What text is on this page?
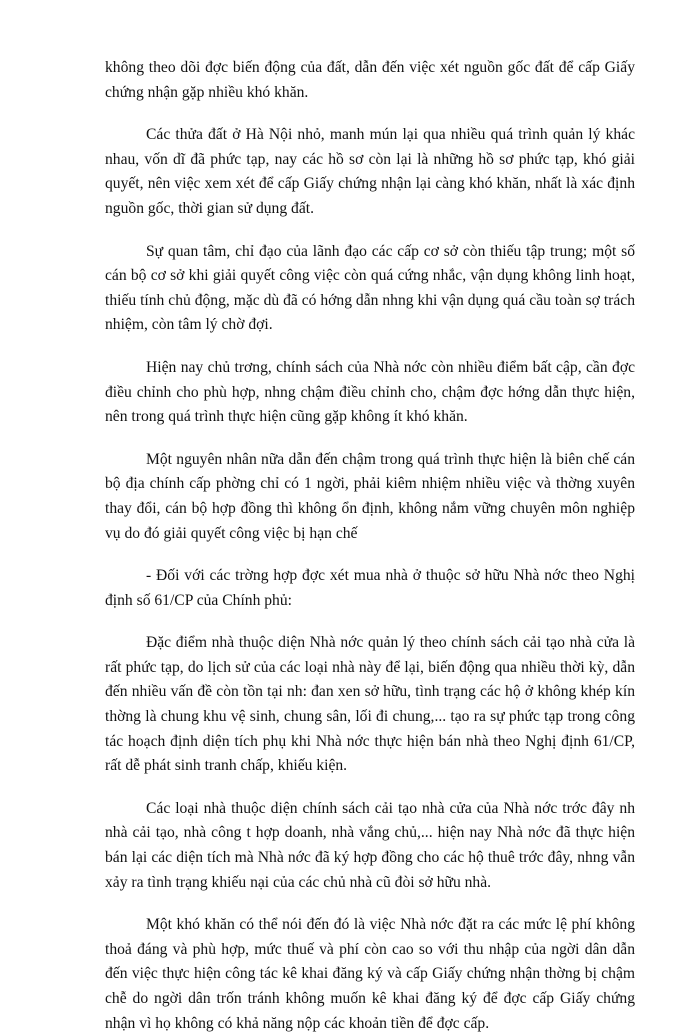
không theo dõi đợc biến động của đất, dẫn đến việc xét nguồn gốc đất để cấp Giấy chứng nhận gặp nhiều khó khăn.

Các thửa đất ở Hà Nội nhỏ, manh mún lại qua nhiều quá trình quản lý khác nhau, vốn dĩ đã phức tạp, nay các hồ sơ còn lại là những hồ sơ phức tạp, khó giải quyết, nên việc xem xét để cấp Giấy chứng nhận lại càng khó khăn, nhất là xác định nguồn gốc, thời gian sử dụng đất.

Sự quan tâm, chỉ đạo của lãnh đạo các cấp cơ sở còn thiếu tập trung; một số cán bộ cơ sở khi giải quyết công việc còn quá cứng nhắc, vận dụng không linh hoạt, thiếu tính chủ động, mặc dù đã có hớng dẫn nhng khi vận dụng quá cầu toàn sợ trách nhiệm, còn tâm lý chờ đợi.

Hiện nay chủ trơng, chính sách của Nhà nớc còn nhiều điểm bất cập, cần đợc điều chỉnh cho phù hợp, nhng chậm điều chỉnh cho, chậm đợc hớng dẫn thực hiện, nên trong quá trình thực hiện cũng gặp không ít khó khăn.

Một nguyên nhân nữa dẫn đến chậm trong quá trình thực hiện là biên chế cán bộ địa chính cấp phờng chỉ có 1 ngời, phải kiêm nhiệm nhiều việc và thờng xuyên thay đổi, cán bộ hợp đồng thì không ổn định, không nắm vững chuyên môn nghiệp vụ do đó giải quyết công việc bị hạn chế

- Đối với các trờng hợp đợc xét mua nhà ở thuộc sở hữu Nhà nớc theo Nghị định số 61/CP của Chính phủ:

Đặc điểm nhà thuộc diện Nhà nớc quản lý theo chính sách cải tạo nhà cửa là rất phức tạp, do lịch sử của các loại nhà này để lại, biến động qua nhiều thời kỳ, dẫn đến nhiều vấn đề còn tồn tại nh: đan xen sở hữu, tình trạng các hộ ở không khép kín thờng là chung khu vệ sinh, chung sân, lối đi chung,... tạo ra sự phức tạp trong công tác hoạch định diện tích phụ khi Nhà nớc thực hiện bán nhà theo Nghị định 61/CP, rất dễ phát sinh tranh chấp, khiếu kiện.

Các loại nhà thuộc diện chính sách cải tạo nhà cửa của Nhà nớc trớc đây nh nhà cải tạo, nhà công t hợp doanh, nhà vắng chủ,... hiện nay Nhà nớc đã thực hiện bán lại các diện tích mà Nhà nớc đã ký hợp đồng cho các hộ thuê trớc đây, nhng vẫn xảy ra tình trạng khiếu nại của các chủ nhà cũ đòi sở hữu nhà.

Một khó khăn có thể nói đến đó là việc Nhà nớc đặt ra các mức lệ phí không thoả đáng và phù hợp, mức thuế và phí còn cao so với thu nhập của ngời dân dẫn đến việc thực hiện công tác kê khai đăng ký và cấp Giấy chứng nhận thờng bị chậm chễ do ngời dân trốn tránh không muốn kê khai đăng ký để đợc cấp Giấy chứng nhận vì họ không có khả năng nộp các khoản tiền để đợc cấp.
